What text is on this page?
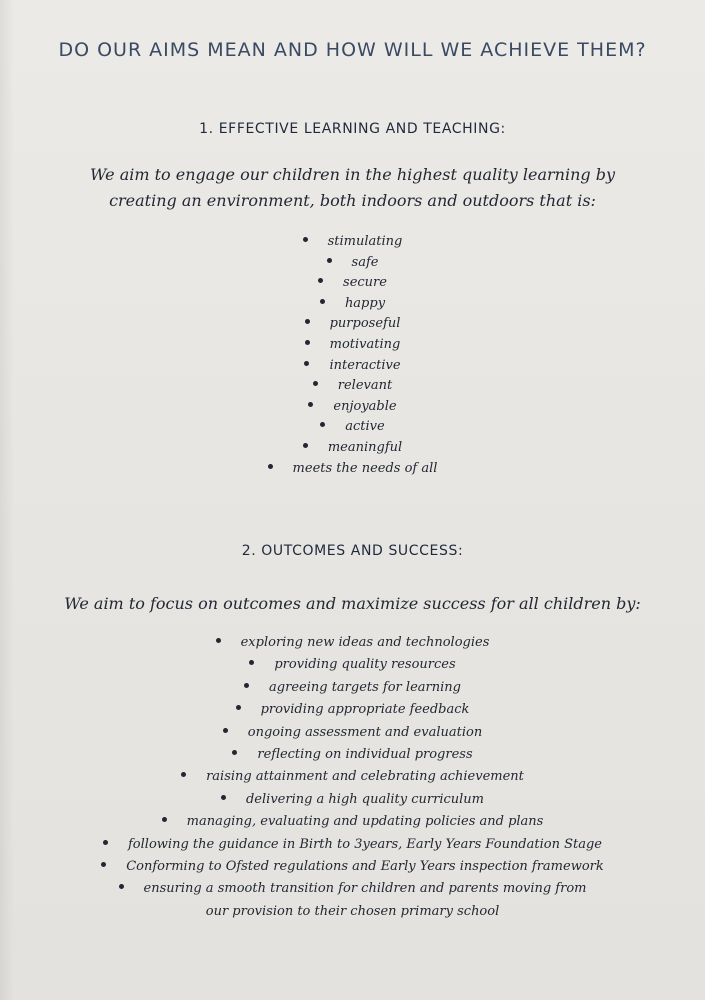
DO OUR AIMS MEAN AND HOW WILL WE ACHIEVE THEM?
1. EFFECTIVE LEARNING AND TEACHING:

We aim to engage our children in the highest quality learning by creating an environment, both indoors and outdoors that is:

stimulating
safe
secure
happy
purposeful
motivating
interactive
relevant
enjoyable
active
meaningful
meets the needs of all
2. OUTCOMES AND SUCCESS:

We aim to focus on outcomes and maximize success for all children by:

exploring new ideas and technologies
providing quality resources
agreeing targets for learning
providing appropriate feedback
ongoing assessment and evaluation
reflecting on individual progress
raising attainment and celebrating achievement
delivering a high quality curriculum
managing, evaluating and updating policies and plans
following the guidance in Birth to 3years, Early Years Foundation Stage
Conforming to Ofsted regulations and Early Years inspection framework
ensuring a smooth transition for children and parents moving from our provision to their chosen primary school
